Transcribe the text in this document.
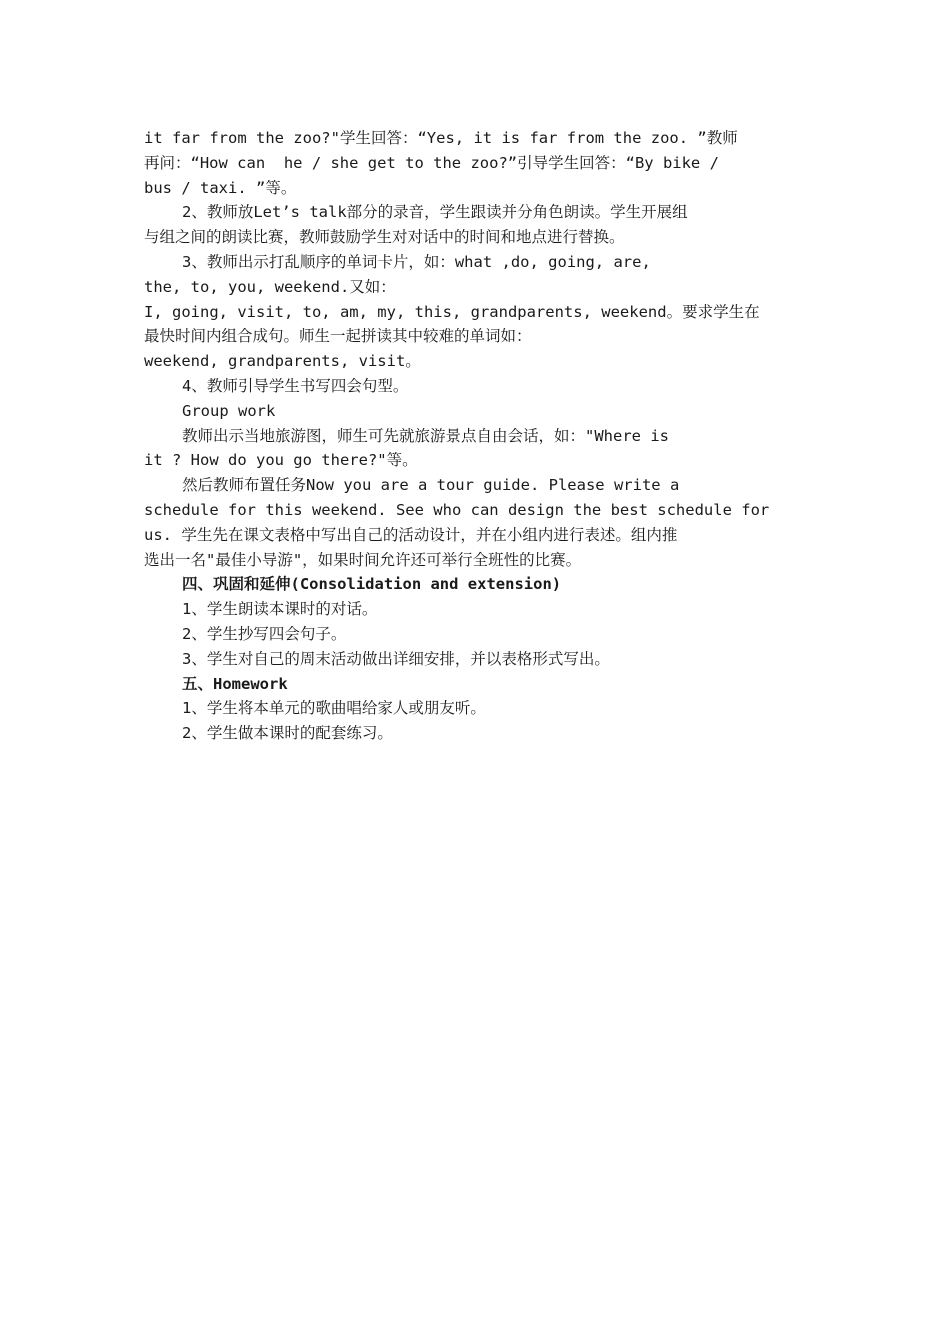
it far from the zoo?"学生回答：“Yes, it is far from the zoo. ”教师
再问：“How can  he / she get to the zoo?”引导学生回答：“By bike /
bus / taxi. ”等。
2、教师放Let’s talk部分的录音，学生跟读并分角色朗读。学生开展组
与组之间的朗读比赛，教师鼓励学生对对话中的时间和地点进行替换。
3、教师出示打乱顺序的单词卡片，如：what ,do, going, are,
the, to, you, weekend.又如：
I, going, visit, to, am, my, this, grandparents, weekend。要求学生在
最快时间内组合成句。师生一起拼读其中较难的单词如：
weekend, grandparents, visit。
4、教师引导学生书写四会句型。
Group work
教师出示当地旅游图，师生可先就旅游景点自由会话，如："Where is
it ? How do you go there?"等。
然后教师布置任务Now you are a tour guide. Please write a
schedule for this weekend. See who can design the best schedule for
us. 学生先在课文表格中写出自己的活动设计，并在小组内进行表述。组内推
选出一名"最佳小导游"，如果时间允许还可举行全班性的比赛。
四、巩固和延伸(Consolidation and extension)
1、学生朗读本课时的对话。
2、学生抄写四会句子。
3、学生对自己的周末活动做出详细安排，并以表格形式写出。
五、Homework
1、学生将本单元的歌曲唱给家人或朋友听。
2、学生做本课时的配套练习。
